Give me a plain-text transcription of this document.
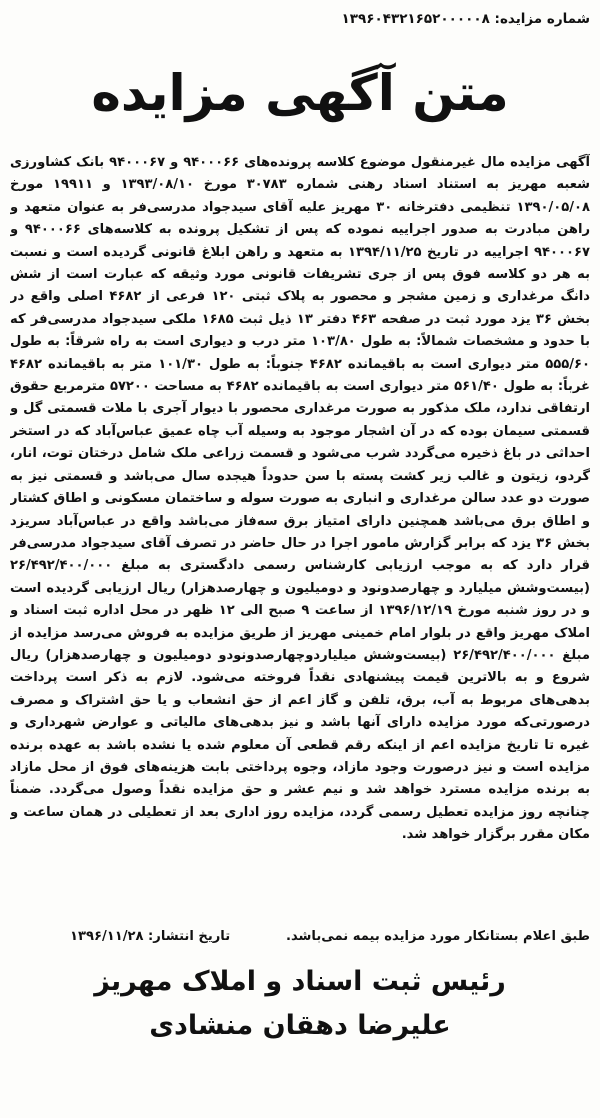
شماره مزایده: ۱۳۹۶۰۴۳۲۱۶۵۲۰۰۰۰۰۸
متن آگهی مزایده
آگهی مزایده مال غیرمنقول موضوع کلاسه پرونده‌های ۹۴۰۰۰۶۶ و ۹۴۰۰۰۶۷ بانک کشاورزی شعبه مهریز به استناد اسناد رهنی شماره ۳۰۷۸۳ مورخ ۱۳۹۳/۰۸/۱۰ و ۱۹۹۱۱ مورخ ۱۳۹۰/۰۵/۰۸ تنظیمی دفترخانه ۳۰ مهریز علیه آقای سیدجواد مدرسی‌فر به عنوان متعهد و راهن مبادرت به صدور اجراییه نموده که پس از تشکیل پرونده به کلاسه‌های ۹۴۰۰۰۶۶ و ۹۴۰۰۰۶۷ اجراییه در تاریخ ۱۳۹۴/۱۱/۲۵ به متعهد و راهن ابلاغ قانونی گردیده است و نسبت به هر دو کلاسه فوق پس از جری تشریفات قانونی مورد وثیقه که عبارت است از شش دانگ مرغداری و زمین مشجر و محصور به پلاک ثبتی ۱۲۰ فرعی از ۴۶۸۲ اصلی واقع در بخش ۳۶ یزد مورد ثبت در صفحه ۴۶۳ دفتر ۱۳ ذیل ثبت ۱۶۸۵ ملکی سیدجواد مدرسی‌فر که با حدود و مشخصات شمالاً: به طول ۱۰۳/۸۰ متر درب و دیواری است به راه شرقاً: به طول ۵۵۵/۶۰ متر دیواری است به باقیمانده ۴۶۸۲ جنوباً: به طول ۱۰۱/۳۰ متر به باقیمانده ۴۶۸۲ غرباً: به طول ۵۶۱/۴۰ متر دیواری است به باقیمانده ۴۶۸۲ به مساحت ۵۷۲۰۰ مترمربع حقوق ارتفاقی ندارد، ملک مذکور به صورت مرغداری محصور با دیوار آجری با ملات قسمتی گل و قسمتی سیمان بوده که در آن اشجار موجود به وسیله آب چاه عمیق عباس‌آباد که در استخر احداثی در باغ ذخیره می‌گردد شرب می‌شود و قسمت زراعی ملک شامل درختان توت، انار، گردو، زیتون و غالب زیر کشت پسته با سن حدوداً هیجده سال می‌باشد و قسمتی نیز به صورت دو عدد سالن مرغداری و انباری به صورت سوله و ساختمان مسکونی و اطاق کشتار و اطاق برق می‌باشد همچنین دارای امتیاز برق سه‌فاز می‌باشد واقع در عباس‌آباد سریزد بخش ۳۶ یزد که برابر گزارش مامور اجرا در حال حاضر در تصرف آقای سیدجواد مدرسی‌فر قرار دارد که به موجب ارزیابی کارشناس رسمی دادگستری به مبلغ ۲۶/۴۹۲/۴۰۰/۰۰۰ (بیست‌وشش میلیارد و چهارصدونود و دومیلیون و چهارصدهزار) ریال ارزیابی گردیده است و در روز شنبه مورخ ۱۳۹۶/۱۲/۱۹ از ساعت ۹ صبح الی ۱۲ ظهر در محل اداره ثبت اسناد و املاک مهریز واقع در بلوار امام خمینی مهریز از طریق مزایده به فروش می‌رسد مزایده از مبلغ ۲۶/۴۹۲/۴۰۰/۰۰۰ (بیست‌وشش میلیاردوچهارصدونودو دومیلیون و چهارصدهزار) ریال شروع و به بالاترین قیمت پیشنهادی نقداً فروخته می‌شود. لازم به ذکر است پرداخت بدهی‌های مربوط به آب، برق، تلفن و گاز اعم از حق انشعاب و یا حق اشتراک و مصرف درصورتی‌که مورد مزایده دارای آنها باشد و نیز بدهی‌های مالیاتی و عوارض شهرداری و غیره تا تاریخ مزایده اعم از اینکه رقم قطعی آن معلوم شده یا نشده باشد به عهده برنده مزایده است و نیز درصورت وجود مازاد، وجوه پرداختی بابت هزینه‌های فوق از محل مازاد به برنده مزایده مسترد خواهد شد و نیم عشر و حق مزایده نقداً وصول می‌گردد. ضمناً چنانچه روز مزایده تعطیل رسمی گردد، مزایده روز اداری بعد از تعطیلی در همان ساعت و مکان مقرر برگزار خواهد شد.
طبق اعلام بستانکار مورد مزایده بیمه نمی‌باشد.
تاریخ انتشار: ۱۳۹۶/۱۱/۲۸
رئیس ثبت اسناد و املاک مهریز
علیرضا دهقان منشادی
